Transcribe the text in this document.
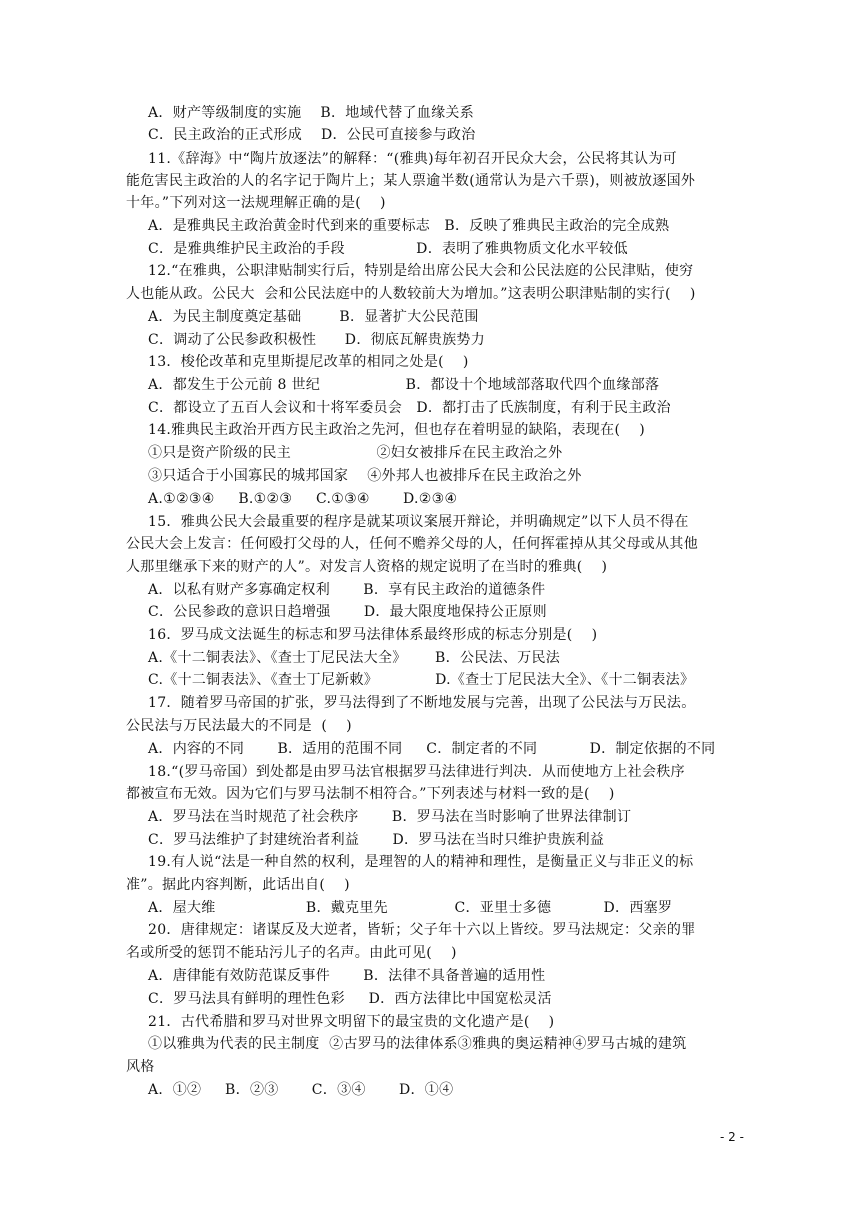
A．财产等级制度的实施    B．地域代替了血缘关系
C．民主政治的正式形成    D．公民可直接参与政治
11.《辞海》中“陶片放逐法”的解释：“(雅典)每年初召开民众大会，公民将其认为可
能危害民主政治的人的名字记于陶片上；某人票逾半数(通常认为是六千票)，则被放逐国外
十年。”下列对这一法规理解正确的是(    )
A．是雅典民主政治黄金时代到来的重要标志   B．反映了雅典民主政治的完全成熟
C．是雅典维护民主政治的手段               D．表明了雅典物质文化水平较低
12.“在雅典，公职津贴制实行后，特别是给出席公民大会和公民法庭的公民津贴，使穷
人也能从政。公民大  会和公民法庭中的人数较前大为增加。”这表明公职津贴制的实行(    )
A．为民主制度奠定基础        B．显著扩大公民范围
C．调动了公民参政积极性      D．彻底瓦解贵族势力
13．梭伦改革和克里斯提尼改革的相同之处是(    )
A．都发生于公元前 8 世纪                  B．都设十个地域部落取代四个血缘部落
C．都设立了五百人会议和十将军委员会   D．都打击了氏族制度，有利于民主政治
14.雅典民主政治开西方民主政治之先河，但也存在着明显的缺陷，表现在(    )
①只是资产阶级的民主                  ②妇女被排斥在民主政治之外
③只适合于小国寡民的城邦国家    ④外邦人也被排斥在民主政治之外
A.①②③④     B.①②③     C.①③④       D.②③④
15．雅典公民大会最重要的程序是就某项议案展开辩论，并明确规定”以下人员不得在
公民大会上发言：任何殴打父母的人，任何不赡养父母的人，任何挥霍掉从其父母或从其他
人那里继承下来的财产的人”。对发言人资格的规定说明了在当时的雅典(    )
A．以私有财产多寡确定权利       B．享有民主政治的道德条件
C．公民参政的意识日趋增强       D．最大限度地保持公正原则
16．罗马成文法诞生的标志和罗马法律体系最终形成的标志分别是(    )
A.《十二铜表法》、《查士丁尼民法大全》      B．公民法、万民法
C.《十二铜表法》、《查士丁尼新敕》            D.《查士丁尼民法大全》、《十二铜表法》
17．随着罗马帝国的扩张，罗马法得到了不断地发展与完善，出现了公民法与万民法。
公民法与万民法最大的不同是  (    )
A．内容的不同       B．适用的范围不同     C．制定者的不同           D．制定依据的不同
18.“(罗马帝国）到处都是由罗马法官根据罗马法律进行判决．从而使地方上社会秩序
都被宣布无效。因为它们与罗马法制不相符合。”下列表述与材料一致的是(    )
A．罗马法在当时规范了社会秩序       B．罗马法在当时影响了世界法律制订
C．罗马法维护了封建统治者利益       D．罗马法在当时只维护贵族利益
19.有人说“法是一种自然的权利，是理智的人的精神和理性，是衡量正义与非正义的标
准”。据此内容判断，此话出自(    )
A．屋大维                   B．戴克里先              C．亚里士多德           D．西塞罗
20．唐律规定：诸谋反及大逆者，皆斩；父子年十六以上皆绞。罗马法规定：父亲的罪
名或所受的惩罚不能玷污儿子的名声。由此可见(    )
A．唐律能有效防范谋反事件       B．法律不具备普遍的适用性
C．罗马法具有鲜明的理性色彩     D．西方法律比中国宽松灵活
21．古代希腊和罗马对世界文明留下的最宝贵的文化遗产是(    )
①以雅典为代表的民主制度  ②古罗马的法律体系③雅典的奥运精神④罗马古城的建筑
风格
A．①②     B．②③       C．③④       D．①④
- 2 -
